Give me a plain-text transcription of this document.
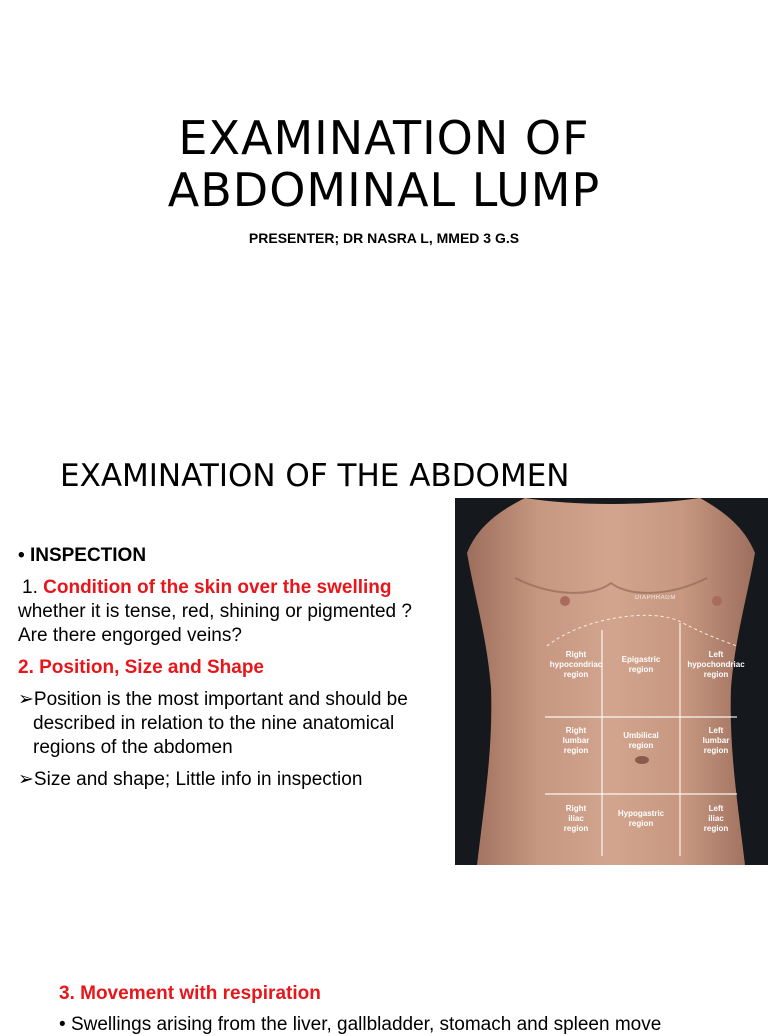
EXAMINATION OF
ABDOMINAL LUMP
PRESENTER; DR NASRA L, MMED 3 G.S
EXAMINATION OF THE ABDOMEN
• INSPECTION
1. Condition of the skin over the swelling
whether it is tense, red, shining or pigmented ?
Are there engorged veins?
2. Position, Size and Shape
➢Position is the most important and should be
described in relation to the nine anatomical
regions of the abdomen
➢Size and shape; Little info in inspection
DIAPHRAGM
Right
hypocondriac
region
Epigastric
region
Left
hypochondriac
region
Right
lumbar
region
Umbilical
region
Left
lumbar
region
Right
iliac
region
Hypogastric
region
Left
iliac
region
3. Movement with respiration
• Swellings arising from the liver, gallbladder, stomach and spleen move
